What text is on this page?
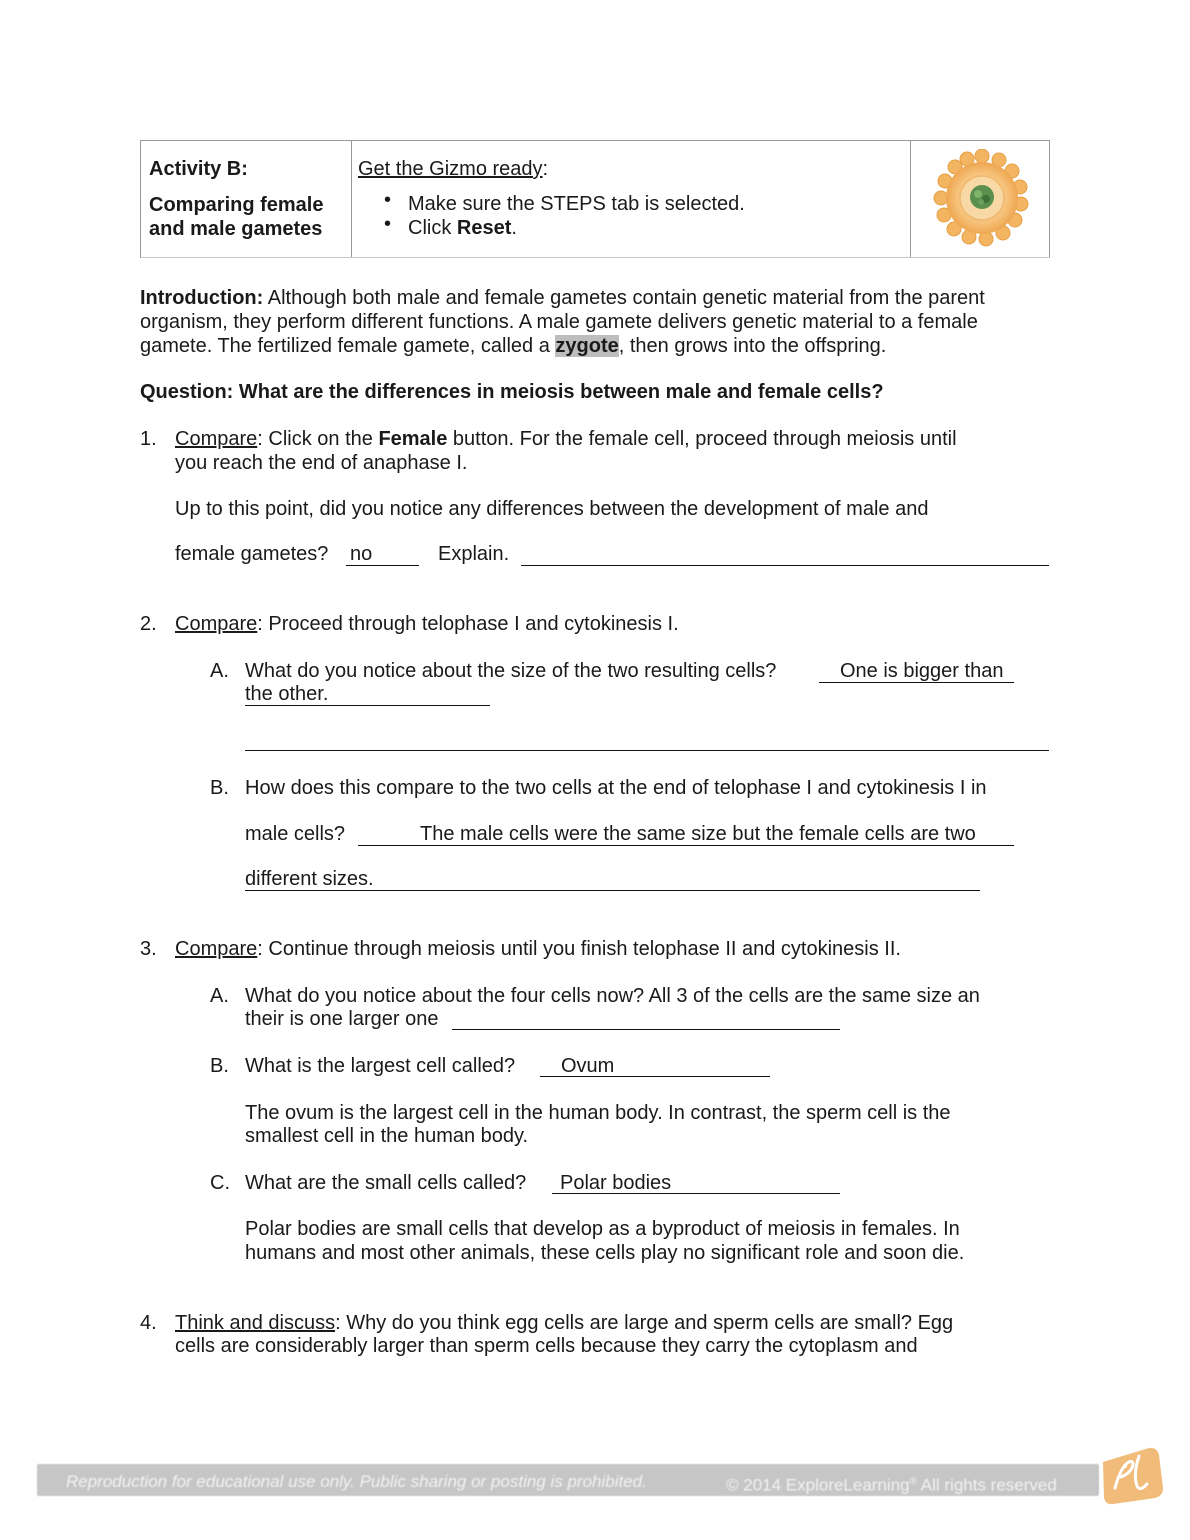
Activity B:
Comparing female and male gametes
Get the Gizmo ready:
• Make sure the STEPS tab is selected.
• Click Reset.
Introduction: Although both male and female gametes contain genetic material from the parent
organism, they perform different functions. A male gamete delivers genetic material to a female
gamete. The fertilized female gamete, called a zygote, then grows into the offspring.
Question: What are the differences in meiosis between male and female cells?
1. Compare: Click on the Female button. For the female cell, proceed through meiosis until
you reach the end of anaphase I.
Up to this point, did you notice any differences between the development of male and
female gametes? no	Explain.
2. Compare: Proceed through telophase I and cytokinesis I.
A. What do you notice about the size of the two resulting cells?	One is bigger than
the other.
B. How does this compare to the two cells at the end of telophase I and cytokinesis I in
male cells?	The male cells were the same size but the female cells are two
different sizes.
3. Compare: Continue through meiosis until you finish telophase II and cytokinesis II.
A. What do you notice about the four cells now? All 3 of the cells are the same size an
their is one larger one
B. What is the largest cell called? Ovum
The ovum is the largest cell in the human body. In contrast, the sperm cell is the
smallest cell in the human body.
C. What are the small cells called? Polar bodies
Polar bodies are small cells that develop as a byproduct of meiosis in females. In
humans and most other animals, these cells play no significant role and soon die.
4. Think and discuss: Why do you think egg cells are large and sperm cells are small? Egg
cells are considerably larger than sperm cells because they carry the cytoplasm and
Reproduction for educational use only. Public sharing or posting is prohibited.	© 2014 ExploreLearning® All rights reserved
